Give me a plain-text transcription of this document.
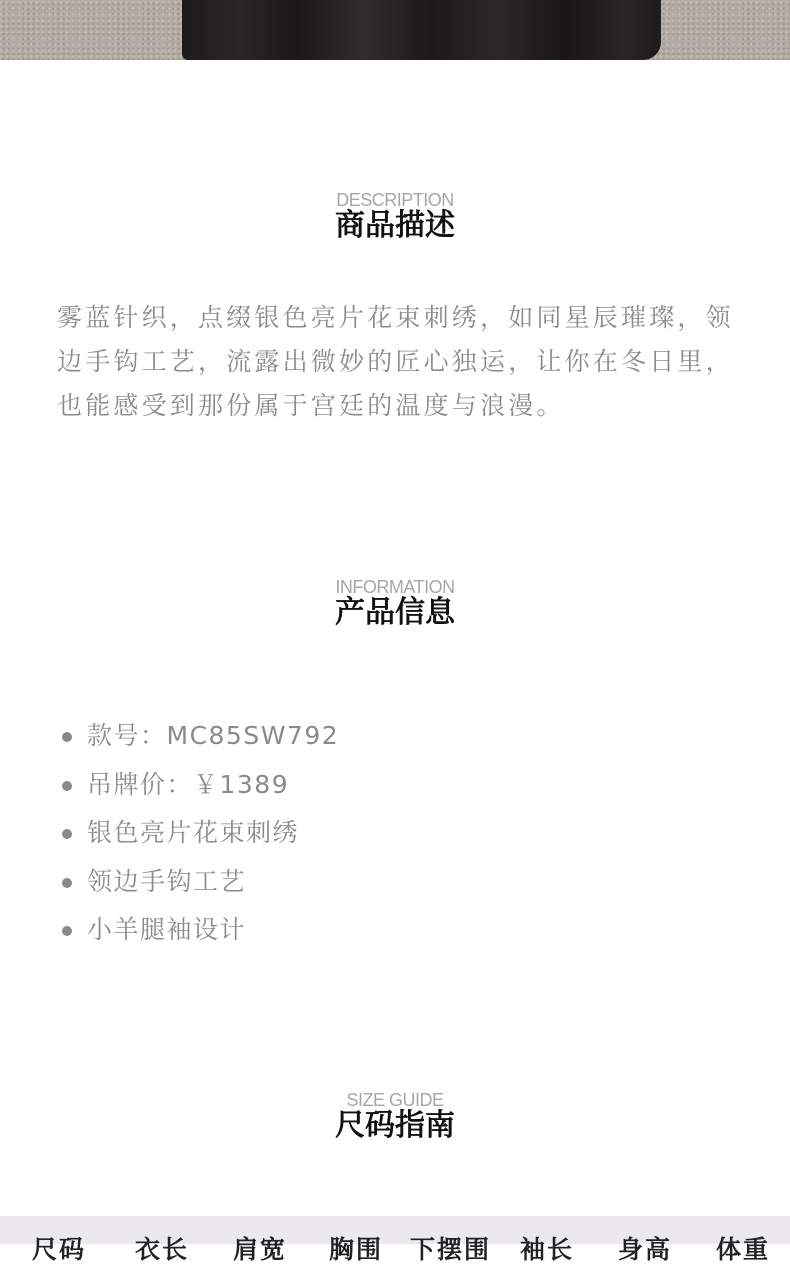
DESCRIPTION
商品描述

雾蓝针织，点缀银色亮片花束刺绣，如同星辰璀璨，领边手钩工艺，流露出微妙的匠心独运，让你在冬日里，也能感受到那份属于宫廷的温度与浪漫。

INFORMATION
产品信息
款号：MC85SW792
吊牌价：￥1389
银色亮片花束刺绣
领边手钩工艺
小羊腿袖设计
SIZE GUIDE
尺码指南
尺码 衣长 肩宽 胸围 下摆围 袖长 身高 体重
